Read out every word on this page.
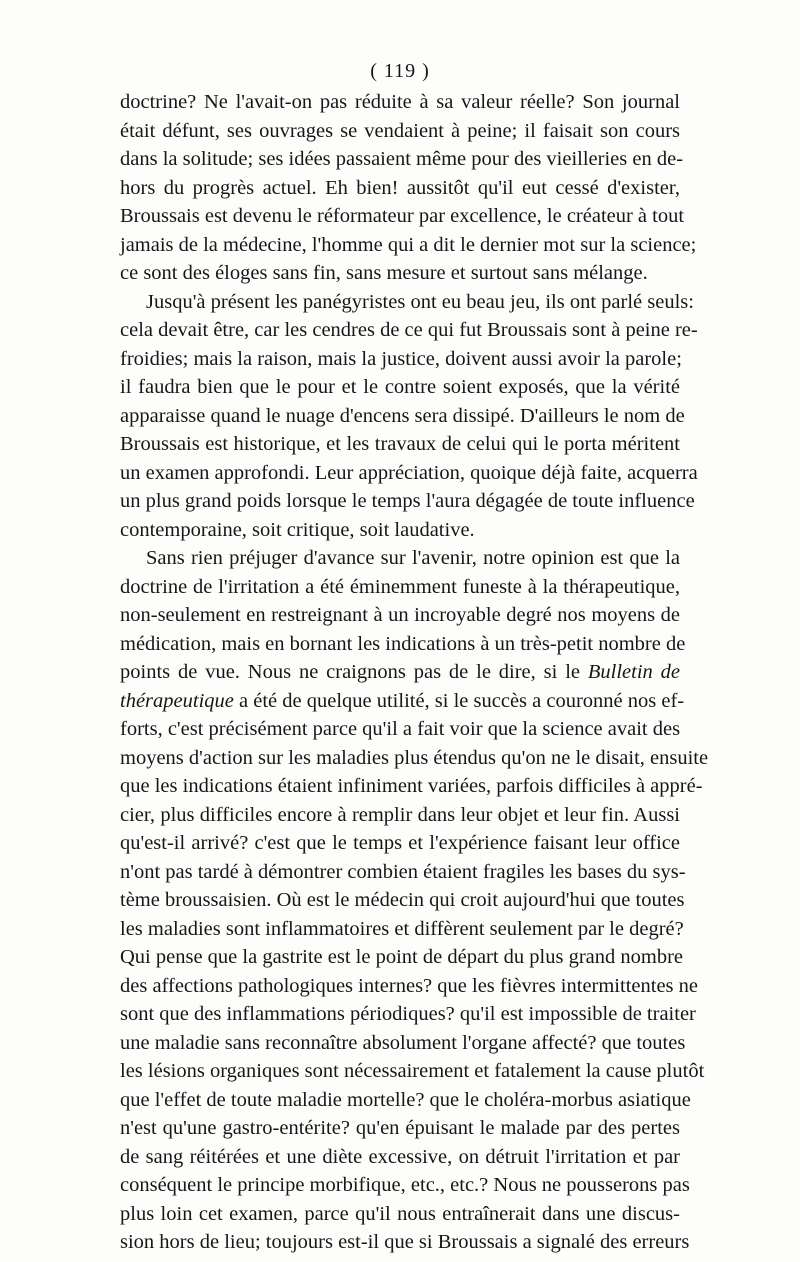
( 119 )
doctrine? Ne l'avait-on pas réduite à sa valeur réelle? Son journal
était défunt, ses ouvrages se vendaient à peine; il faisait son cours
dans la solitude; ses idées passaient même pour des vieilleries en de-
hors du progrès actuel. Eh bien! aussitôt qu'il eut cessé d'exister,
Broussais est devenu le réformateur par excellence, le créateur à tout
jamais de la médecine, l'homme qui a dit le dernier mot sur la science;
ce sont des éloges sans fin, sans mesure et surtout sans mélange.
Jusqu'à présent les panégyristes ont eu beau jeu, ils ont parlé seuls:
cela devait être, car les cendres de ce qui fut Broussais sont à peine re-
froidies; mais la raison, mais la justice, doivent aussi avoir la parole;
il faudra bien que le pour et le contre soient exposés, que la vérité
apparaisse quand le nuage d'encens sera dissipé. D'ailleurs le nom de
Broussais est historique, et les travaux de celui qui le porta méritent
un examen approfondi. Leur appréciation, quoique déjà faite, acquerra
un plus grand poids lorsque le temps l'aura dégagée de toute influence
contemporaine, soit critique, soit laudative.
Sans rien préjuger d'avance sur l'avenir, notre opinion est que la
doctrine de l'irritation a été éminemment funeste à la thérapeutique,
non-seulement en restreignant à un incroyable degré nos moyens de
médication, mais en bornant les indications à un très-petit nombre de
points de vue. Nous ne craignons pas de le dire, si le Bulletin de
thérapeutique a été de quelque utilité, si le succès a couronné nos ef-
forts, c'est précisément parce qu'il a fait voir que la science avait des
moyens d'action sur les maladies plus étendus qu'on ne le disait, ensuite
que les indications étaient infiniment variées, parfois difficiles à appré-
cier, plus difficiles encore à remplir dans leur objet et leur fin. Aussi
qu'est-il arrivé? c'est que le temps et l'expérience faisant leur office
n'ont pas tardé à démontrer combien étaient fragiles les bases du sys-
tème broussaisien. Où est le médecin qui croit aujourd'hui que toutes
les maladies sont inflammatoires et diffèrent seulement par le degré?
Qui pense que la gastrite est le point de départ du plus grand nombre
des affections pathologiques internes? que les fièvres intermittentes ne
sont que des inflammations périodiques? qu'il est impossible de traiter
une maladie sans reconnaître absolument l'organe affecté? que toutes
les lésions organiques sont nécessairement et fatalement la cause plutôt
que l'effet de toute maladie mortelle? que le choléra-morbus asiatique
n'est qu'une gastro-entérite? qu'en épuisant le malade par des pertes
de sang réitérées et une diète excessive, on détruit l'irritation et par
conséquent le principe morbifique, etc., etc.? Nous ne pousserons pas
plus loin cet examen, parce qu'il nous entraînerait dans une discus-
sion hors de lieu; toujours est-il que si Broussais a signalé des erreurs
